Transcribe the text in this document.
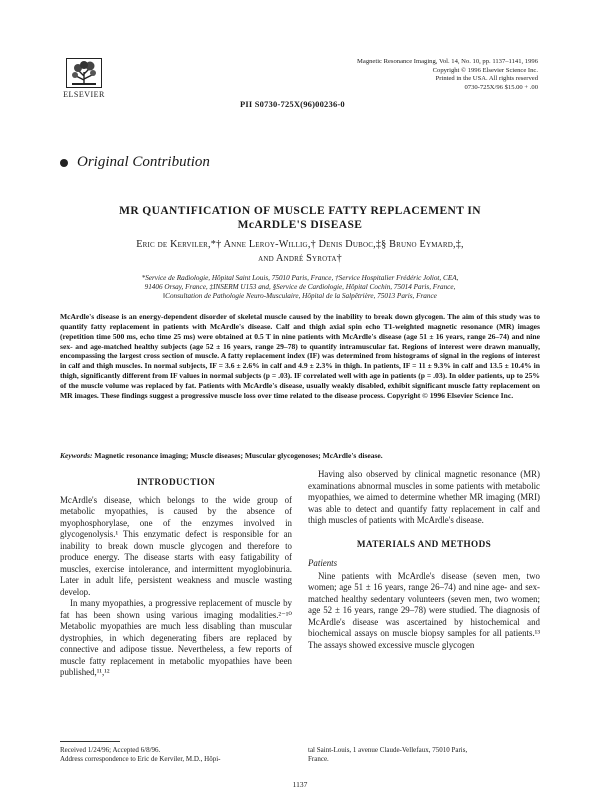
ELSEVIER
Magnetic Resonance Imaging, Vol. 14, No. 10, pp. 1137–1141, 1996
Copyright © 1996 Elsevier Science Inc.
Printed in the USA. All rights reserved
0730-725X/96 $15.00 + .00
PII S0730-725X(96)00236-0
Original Contribution
MR QUANTIFICATION OF MUSCLE FATTY REPLACEMENT IN
McARDLE'S DISEASE
Eric de Kerviler,*† Anne Leroy-Willig,† Denis Duboc,‡§ Bruno Eymard,‡,
and André Syrota†
*Service de Radiologie, Hôpital Saint Louis, 75010 Paris, France, †Service Hospitalier Frédéric Joliot, CEA,
91406 Orsay, France, ‡INSERM U153 and, §Service de Cardiologie, Hôpital Cochin, 75014 Paris, France,
‖Consultation de Pathologie Neuro-Musculaire, Hôpital de la Salpêtrière, 75013 Paris, France
McArdle's disease is an energy-dependent disorder of skeletal muscle caused by the inability to break down glycogen. The aim of this study was to quantify fatty replacement in patients with McArdle's disease. Calf and thigh axial spin echo T1-weighted magnetic resonance (MR) images (repetition time 500 ms, echo time 25 ms) were obtained at 0.5 T in nine patients with McArdle's disease (age 51 ± 16 years, range 26–74) and nine sex- and age-matched healthy subjects (age 52 ± 16 years, range 29–78) to quantify intramuscular fat. Regions of interest were drawn manually, encompassing the largest cross section of muscle. A fatty replacement index (IF) was determined from histograms of signal in the regions of interest in calf and thigh muscles. In normal subjects, IF = 3.6 ± 2.6% in calf and 4.9 ± 2.3% in thigh. In patients, IF = 11 ± 9.3% in calf and 13.5 ± 10.4% in thigh, significantly different from IF values in normal subjects (p = .03). IF correlated well with age in patients (p = .03). In older patients, up to 25% of the muscle volume was replaced by fat. Patients with McArdle's disease, usually weakly disabled, exhibit significant muscle fatty replacement on MR images. These findings suggest a progressive muscle loss over time related to the disease process. Copyright © 1996 Elsevier Science Inc.
Keywords: Magnetic resonance imaging; Muscle diseases; Muscular glycogenoses; McArdle's disease.
INTRODUCTION

McArdle's disease, which belongs to the wide group of metabolic myopathies, is caused by the absence of myophosphorylase, one of the enzymes involved in glycogenolysis.¹ This enzymatic defect is responsible for an inability to break down muscle glycogen and therefore to produce energy. The disease starts with easy fatigability of muscles, exercise intolerance, and intermittent myoglobinuria. Later in adult life, persistent weakness and muscle wasting develop.

In many myopathies, a progressive replacement of muscle by fat has been shown using various imaging modalities.²⁻¹⁰ Metabolic myopathies are much less disabling than muscular dystrophies, in which degenerating fibers are replaced by connective and adipose tissue. Nevertheless, a few reports of muscle fatty replacement in metabolic myopathies have been published,¹¹,¹²

Having also observed by clinical magnetic resonance (MR) examinations abnormal muscles in some patients with metabolic myopathies, we aimed to determine whether MR imaging (MRI) was able to detect and quantify fatty replacement in calf and thigh muscles of patients with McArdle's disease.

MATERIALS AND METHODS
Patients

Nine patients with McArdle's disease (seven men, two women; age 51 ± 16 years, range 26–74) and nine age- and sex-matched healthy sedentary volunteers (seven men, two women; age 52 ± 16 years, range 29–78) were studied. The diagnosis of McArdle's disease was ascertained by histochemical and biochemical assays on muscle biopsy samples for all patients.¹³ The assays showed excessive muscle glycogen

Received 1/24/96; Accepted 6/8/96.
Address correspondence to Eric de Kerviler, M.D., Hôpi-
tal Saint-Louis, 1 avenue Claude-Vellefaux, 75010 Paris,
France.
1137
